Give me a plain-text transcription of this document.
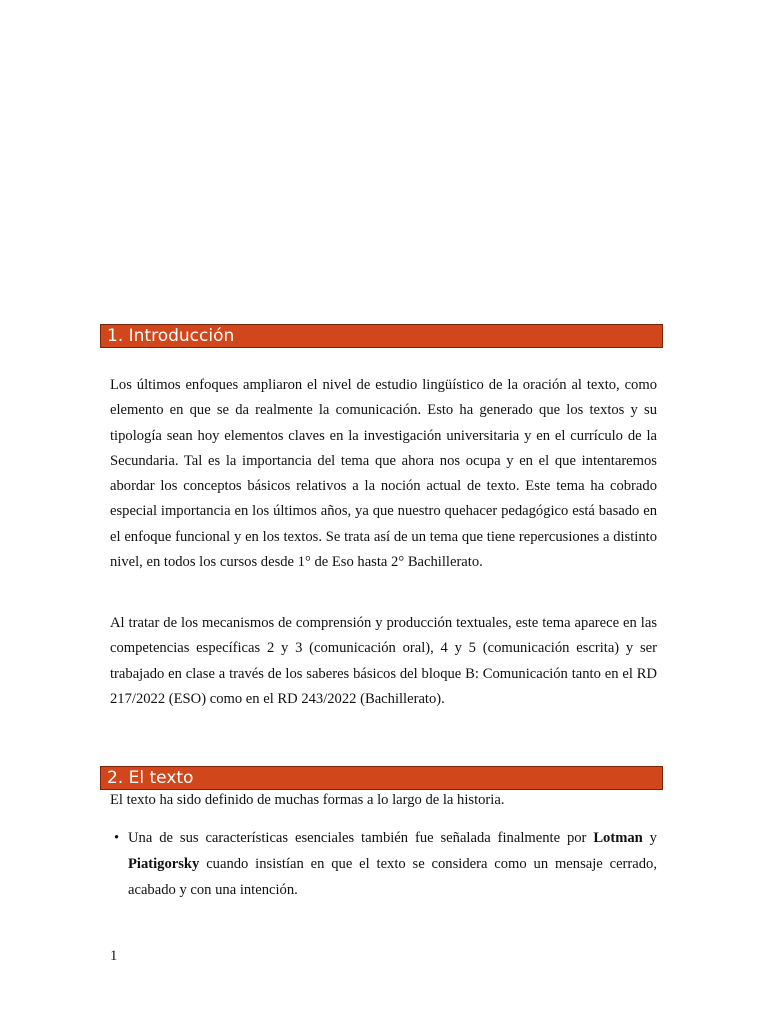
1. Introducción

Los últimos enfoques ampliaron el nivel de estudio lingüístico de la oración al texto, como elemento en que se da realmente la comunicación. Esto ha generado que los textos y su tipología sean hoy elementos claves en la investigación universitaria y en el currículo de la Secundaria. Tal es la importancia del tema que ahora nos ocupa y en el que intentaremos abordar los conceptos básicos relativos a la noción actual de texto. Este tema ha cobrado especial importancia en los últimos años, ya que nuestro quehacer pedagógico está basado en el enfoque funcional y en los textos. Se trata así de un tema que tiene repercusiones a distinto nivel, en todos los cursos desde 1° de Eso hasta 2° Bachillerato.

Al tratar de los mecanismos de comprensión y producción textuales, este tema aparece en las competencias específicas 2 y 3 (comunicación oral), 4 y 5 (comunicación escrita) y ser trabajado en clase a través de los saberes básicos del bloque B: Comunicación tanto en el RD 217/2022 (ESO) como en el RD 243/2022 (Bachillerato).

2. El texto

El texto ha sido definido de muchas formas a lo largo de la historia.

• Una de sus características esenciales también fue señalada finalmente por Lotman y Piatigorsky cuando insistían en que el texto se considera como un mensaje cerrado, acabado y con una intención.
1
